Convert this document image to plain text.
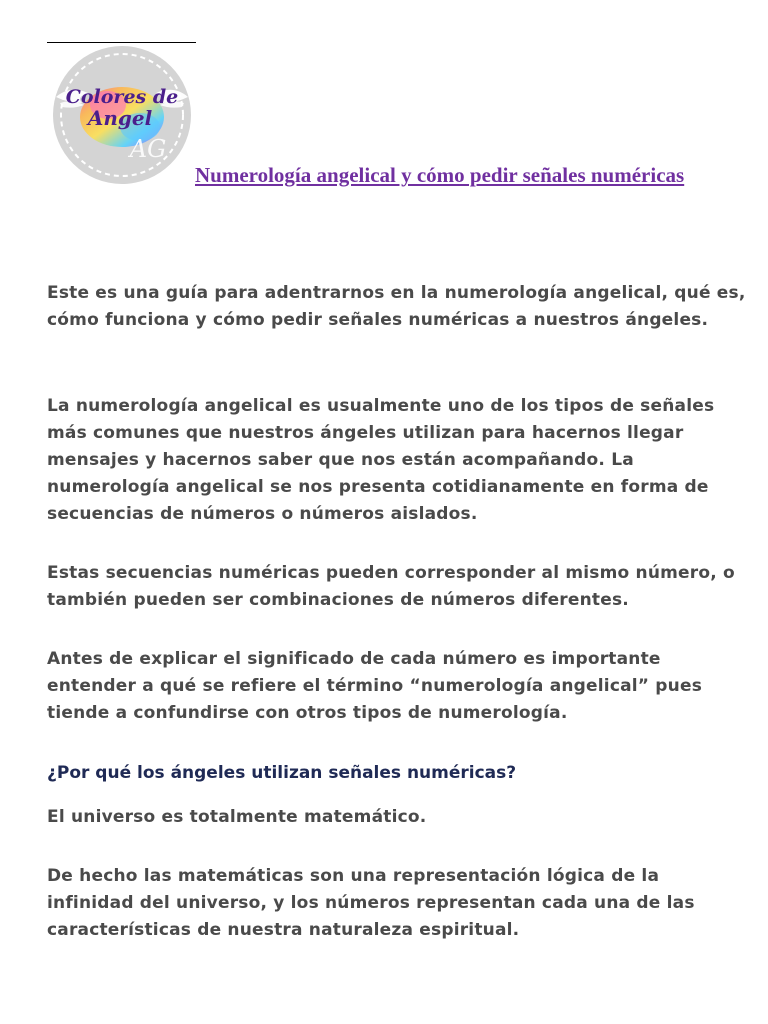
Colores de
Angel
AG
Numerología angelical y cómo pedir señales numéricas

Este es una guía para adentrarnos en la numerología angelical, qué es, cómo funciona y cómo pedir señales numéricas a nuestros ángeles.

La numerología angelical es usualmente uno de los tipos de señales más comunes que nuestros ángeles utilizan para hacernos llegar mensajes y hacernos saber que nos están acompañando. La numerología angelical se nos presenta cotidianamente en forma de secuencias de números o números aislados.

Estas secuencias numéricas pueden corresponder al mismo número, o también pueden ser combinaciones de números diferentes.

Antes de explicar el significado de cada número es importante entender a qué se refiere el término “numerología angelical” pues tiende a confundirse con otros tipos de numerología.

¿Por qué los ángeles utilizan señales numéricas?

El universo es totalmente matemático.

De hecho las matemáticas son una representación lógica de la infinidad del universo, y los números representan cada una de las características de nuestra naturaleza espiritual.
